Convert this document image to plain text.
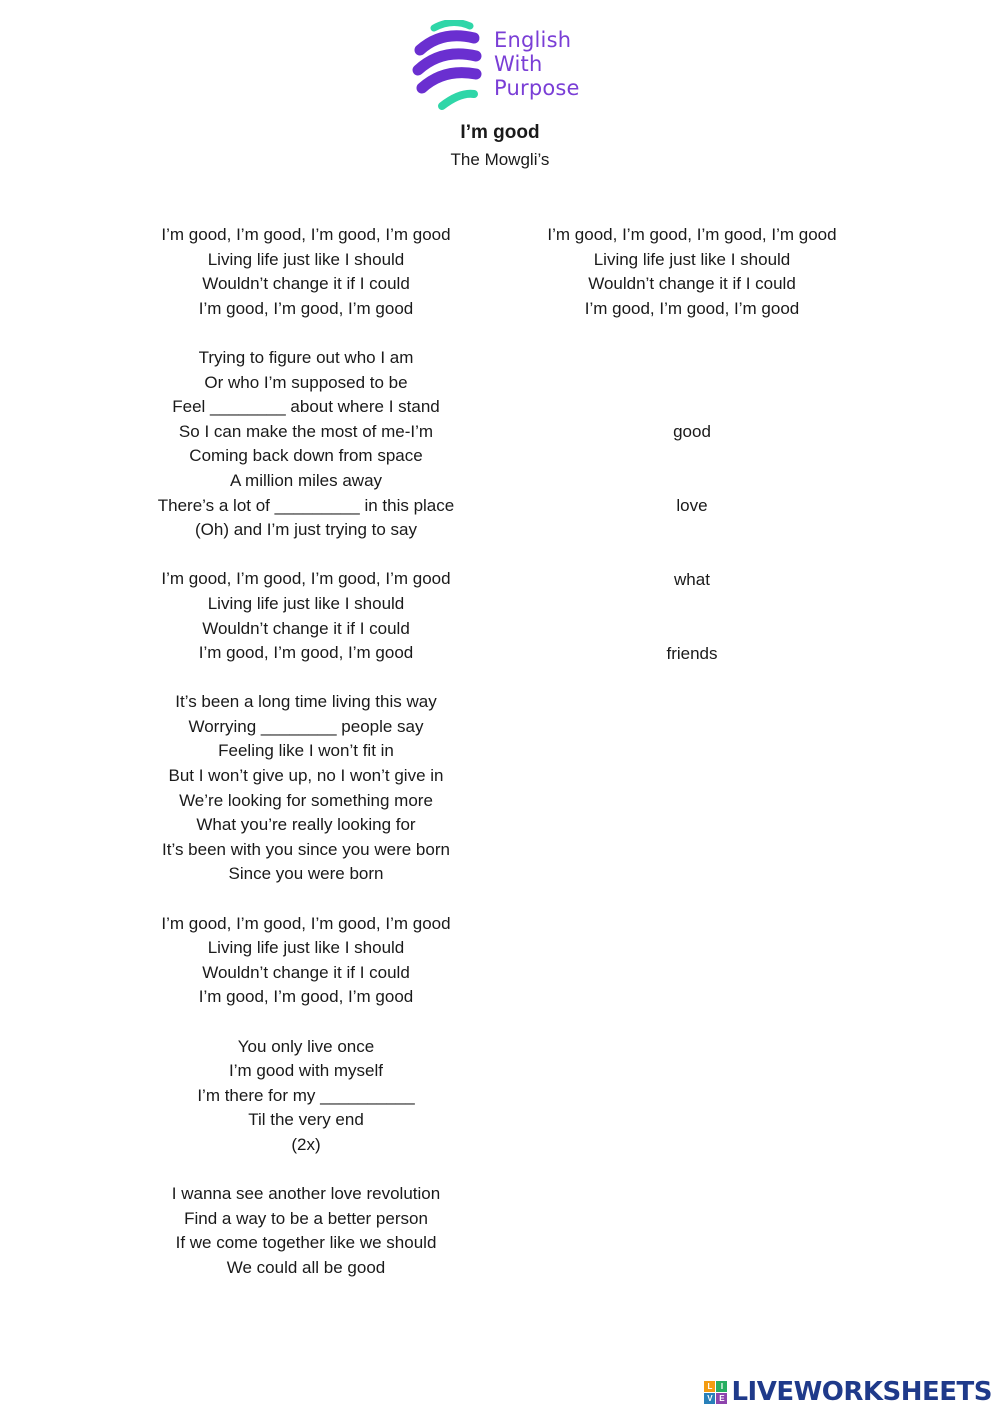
English
With
Purpose
I’m good
The Mowgli’s
I’m good, I’m good, I’m good, I’m good
Living life just like I should
Wouldn’t change it if I could
I’m good, I’m good, I’m good
Trying to figure out who I am
Or who I’m supposed to be
Feel ________ about where I stand
So I can make the most of me-I’m
Coming back down from space
A million miles away
There’s a lot of _________ in this place
(Oh) and I’m just trying to say
I’m good, I’m good, I’m good, I’m good
Living life just like I should
Wouldn’t change it if I could
I’m good, I’m good, I’m good
It’s been a long time living this way
Worrying ________ people say
Feeling like I won’t fit in
But I won’t give up, no I won’t give in
We’re looking for something more
What you’re really looking for
It’s been with you since you were born
Since you were born
I’m good, I’m good, I’m good, I’m good
Living life just like I should
Wouldn’t change it if I could
I’m good, I’m good, I’m good
You only live once
I’m good with myself
I’m there for my __________
Til the very end
(2x)
I wanna see another love revolution
Find a way to be a better person
If we come together like we should
We could all be good
I’m good, I’m good, I’m good, I’m good
Living life just like I should
Wouldn’t change it if I could
I’m good, I’m good, I’m good
good
love
what
friends
L	I
V E LIVEWORKSHEETS
